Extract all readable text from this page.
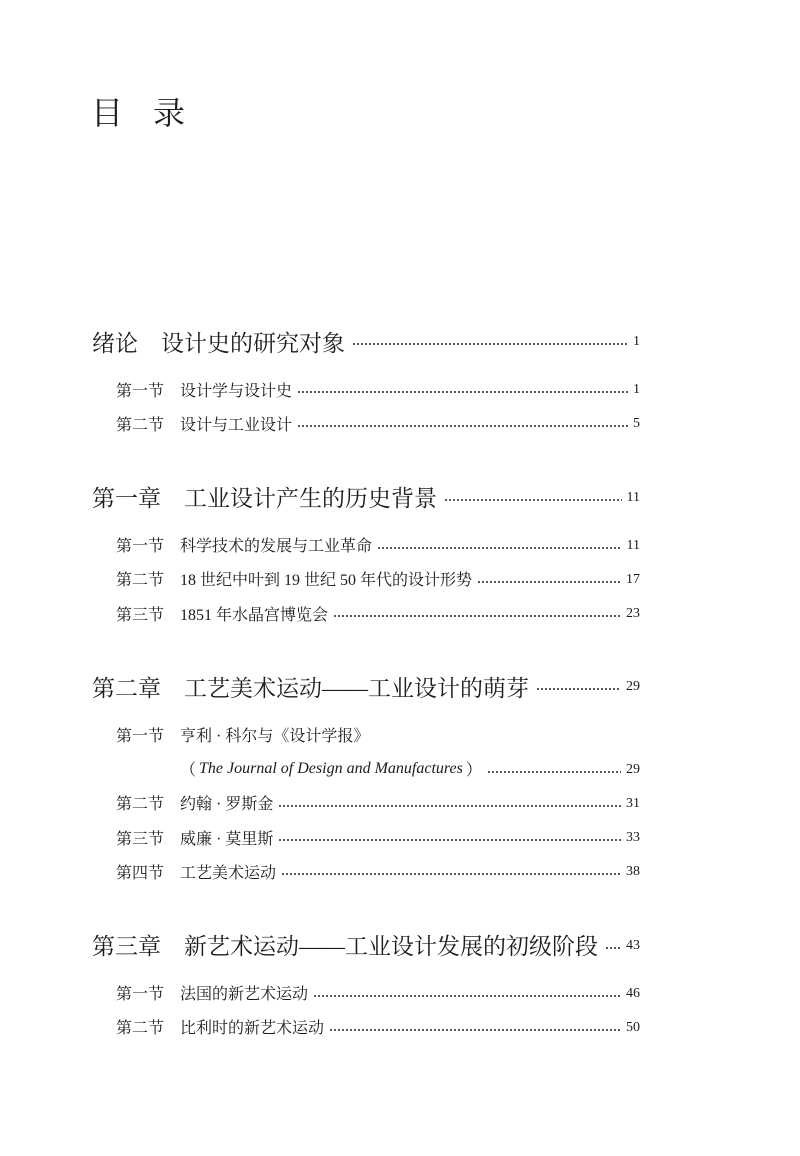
目　录
绪论 设计史的研究对象	1
第一节 设计学与设计史	1
第二节 设计与工业设计	5
第一章 工业设计产生的历史背景	11
第一节 科学技术的发展与工业革命	11
第二节 18 世纪中叶到 19 世纪 50 年代的设计形势	17
第三节 1851 年水晶宫博览会	23
第二章 工艺美术运动——工业设计的萌芽	29
第一节 亨利 · 科尔与《设计学报》
（ The Journal of Design and Manufactures ）	29
第二节 约翰 · 罗斯金	31
第三节 威廉 · 莫里斯	33
第四节 工艺美术运动	38
第三章 新艺术运动——工业设计发展的初级阶段 43
第一节 法国的新艺术运动	46
第二节 比利时的新艺术运动	50
